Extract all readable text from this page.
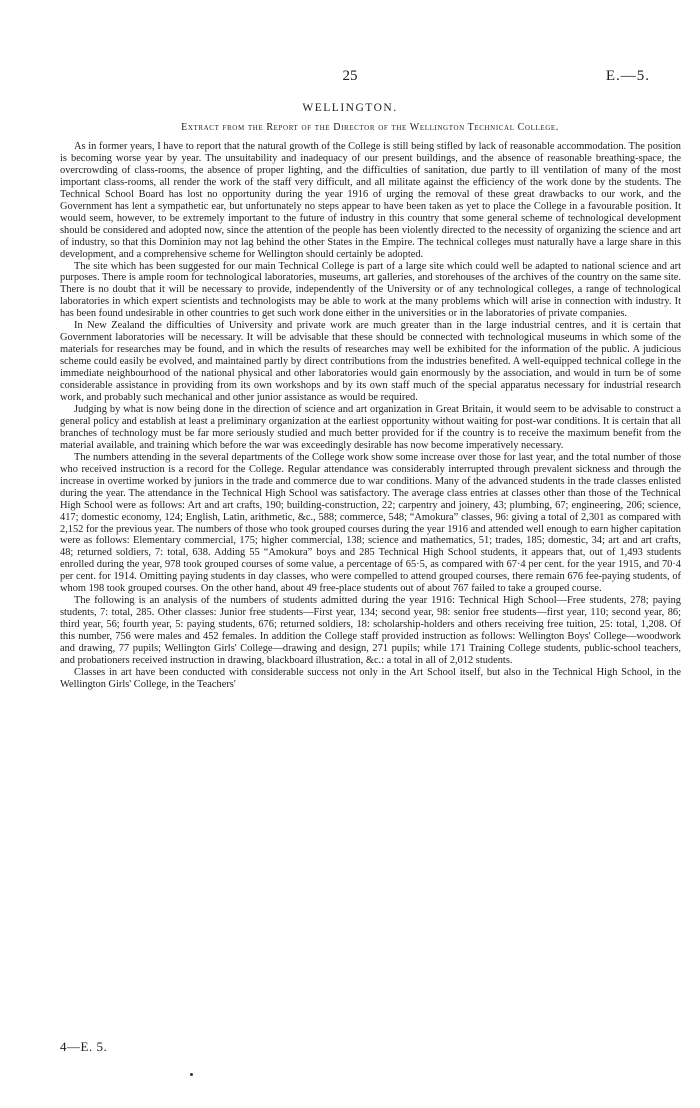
25	E.—5.
WELLINGTON.
Extract from the Report of the Director of the Wellington Technical College.

As in former years, I have to report that the natural growth of the College is still being stifled by lack of reasonable accommodation. The position is becoming worse year by year. The unsuitability and inadequacy of our present buildings, and the absence of reasonable breathing-space, the overcrowding of class-rooms, the absence of proper lighting, and the difficulties of sanitation, due partly to ill ventilation of many of the most important class-rooms, all render the work of the staff very difficult, and all militate against the efficiency of the work done by the students. The Technical School Board has lost no opportunity during the year 1916 of urging the removal of these great drawbacks to our work, and the Government has lent a sympathetic ear, but unfortunately no steps appear to have been taken as yet to place the College in a favourable position. It would seem, however, to be extremely important to the future of industry in this country that some general scheme of technological development should be considered and adopted now, since the attention of the people has been violently directed to the necessity of organizing the science and art of industry, so that this Dominion may not lag behind the other States in the Empire. The technical colleges must naturally have a large share in this development, and a comprehensive scheme for Wellington should certainly be adopted.

The site which has been suggested for our main Technical College is part of a large site which could well be adapted to national science and art purposes. There is ample room for technological laboratories, museums, art galleries, and storehouses of the archives of the country on the same site. There is no doubt that it will be necessary to provide, independently of the University or of any technological colleges, a range of technological laboratories in which expert scientists and technologists may be able to work at the many problems which will arise in connection with industry. It has been found undesirable in other countries to get such work done either in the universities or in the laboratories of private companies.

In New Zealand the difficulties of University and private work are much greater than in the large industrial centres, and it is certain that Government laboratories will be necessary. It will be advisable that these should be connected with technological museums in which some of the materials for researches may be found, and in which the results of researches may well be exhibited for the information of the public. A judicious scheme could easily be evolved, and maintained partly by direct contributions from the industries benefited. A well-equipped technical college in the immediate neighbourhood of the national physical and other laboratories would gain enormously by the association, and would in turn be of some considerable assistance in providing from its own workshops and by its own staff much of the special apparatus necessary for industrial research work, and probably such mechanical and other junior assistance as would be required.

Judging by what is now being done in the direction of science and art organization in Great Britain, it would seem to be advisable to construct a general policy and establish at least a preliminary organization at the earliest opportunity without waiting for post-war conditions. It is certain that all branches of technology must be far more seriously studied and much better provided for if the country is to receive the maximum benefit from the material available, and training which before the war was exceedingly desirable has now become imperatively necessary.

The numbers attending in the several departments of the College work show some increase over those for last year, and the total number of those who received instruction is a record for the College. Regular attendance was considerably interrupted through prevalent sickness and through the increase in overtime worked by juniors in the trade and commerce due to war conditions. Many of the advanced students in the trade classes enlisted during the year. The attendance in the Technical High School was satisfactory. The average class entries at classes other than those of the Technical High School were as follows: Art and art crafts, 190; building-construction, 22; carpentry and joinery, 43; plumbing, 67; engineering, 206; science, 417; domestic economy, 124; English, Latin, arithmetic, &c., 588; commerce, 548; “Amokura” classes, 96: giving a total of 2,301 as compared with 2,152 for the previous year. The numbers of those who took grouped courses during the year 1916 and attended well enough to earn higher capitation were as follows: Elementary commercial, 175; higher commercial, 138; science and mathematics, 51; trades, 185; domestic, 34; art and art crafts, 48; returned soldiers, 7: total, 638. Adding 55 “Amokura” boys and 285 Technical High School students, it appears that, out of 1,493 students enrolled during the year, 978 took grouped courses of some value, a percentage of 65·5, as compared with 67·4 per cent. for the year 1915, and 70·4 per cent. for 1914. Omitting paying students in day classes, who were compelled to attend grouped courses, there remain 676 fee-paying students, of whom 198 took grouped courses. On the other hand, about 49 free-place students out of about 767 failed to take a grouped course.

The following is an analysis of the numbers of students admitted during the year 1916: Technical High School—Free students, 278; paying students, 7: total, 285. Other classes: Junior free students—First year, 134; second year, 98: senior free students—first year, 110; second year, 86; third year, 56; fourth year, 5: paying students, 676; returned soldiers, 18: scholarship-holders and others receiving free tuition, 25: total, 1,208. Of this number, 756 were males and 452 females. In addition the College staff provided instruction as follows: Wellington Boys' College—woodwork and drawing, 77 pupils; Wellington Girls' College—drawing and design, 271 pupils; while 171 Training College students, public-school teachers, and probationers received instruction in drawing, blackboard illustration, &c.: a total in all of 2,012 students.

Classes in art have been conducted with considerable success not only in the Art School itself, but also in the Technical High School, in the Wellington Girls' College, in the Teachers'

4—E. 5.
